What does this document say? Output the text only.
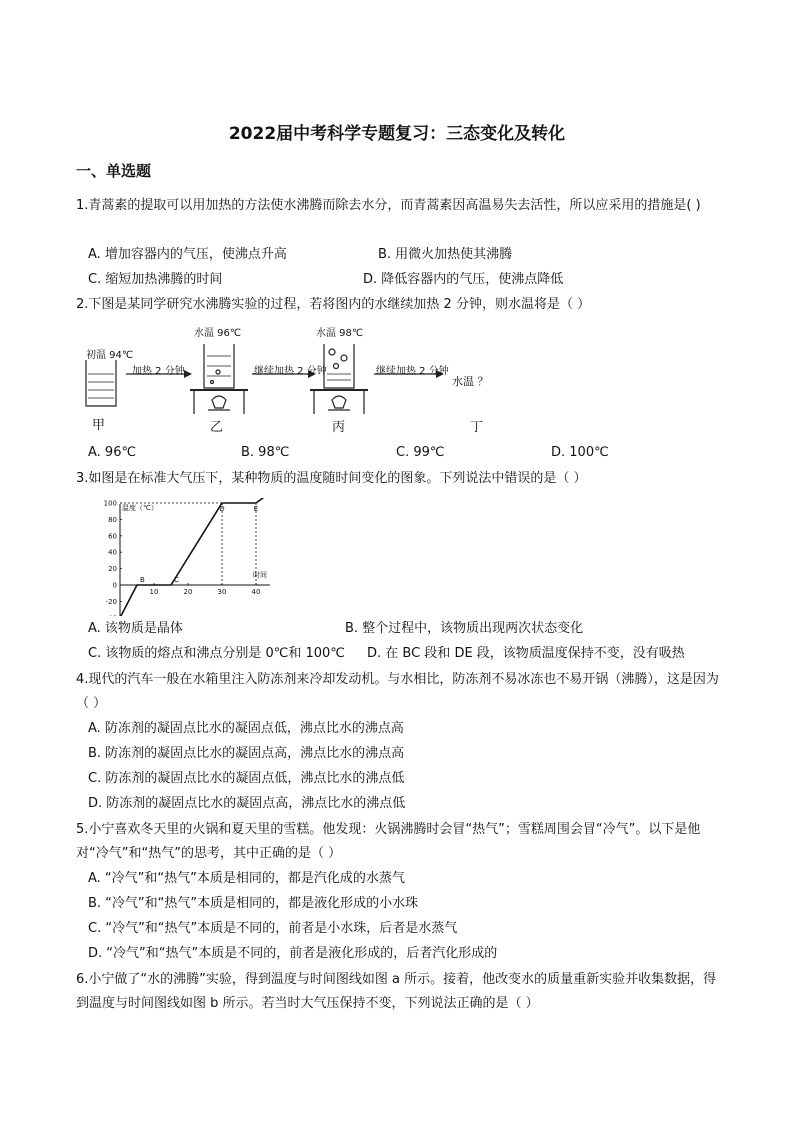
2022届中考科学专题复习：三态变化及转化
一、单选题
1.青蒿素的提取可以用加热的方法使水沸腾而除去水分，而青蒿素因高温易失去活性，所以应采用的措施是( )
A. 增加容器内的气压，使沸点升高	B. 用微火加热使其沸腾
C. 缩短加热沸腾的时间	D. 降低容器内的气压，使沸点降低
2.下图是某同学研究水沸腾实验的过程，若将图内的水继续加热 2 分钟，则水温将是（ ）
初温 94℃
加热 2 分钟
水温 96℃
继续加热 2 分钟
水温 98℃
继续加热 2 分钟
水温 ？
甲	乙	丙	丁
A. 96℃	B. 98℃	C. 99℃	D. 100℃
3.如图是在标准大气压下，某种物质的温度随时间变化的图象。下列说法中错误的是（ ）
温度（℃）
时间
100
80
60
40
20
0
-20
10	20	30	40
B	C
D	E
A. 该物质是晶体	B. 整个过程中，该物质出现两次状态变化
C. 该物质的熔点和沸点分别是 0℃和 100℃ D. 在 BC 段和 DE 段，该物质温度保持不变，没有吸热
4.现代的汽车一般在水箱里注入防冻剂来冷却发动机。与水相比，防冻剂不易冰冻也不易开锅（沸腾），这是因为（ ）
A. 防冻剂的凝固点比水的凝固点低，沸点比水的沸点高
B. 防冻剂的凝固点比水的凝固点高，沸点比水的沸点高
C. 防冻剂的凝固点比水的凝固点低，沸点比水的沸点低
D. 防冻剂的凝固点比水的凝固点高，沸点比水的沸点低
5.小宁喜欢冬天里的火锅和夏天里的雪糕。他发现：火锅沸腾时会冒“热气”；雪糕周围会冒“冷气”。以下是他对“冷气”和“热气”的思考，其中正确的是（ ）
A. “冷气”和“热气”本质是相同的，都是汽化成的水蒸气
B. “冷气”和“热气”本质是相同的，都是液化形成的小水珠
C. “冷气”和“热气”本质是不同的，前者是小水珠，后者是水蒸气
D. “冷气”和“热气”本质是不同的，前者是液化形成的，后者汽化形成的
6.小宁做了“水的沸腾”实验，得到温度与时间图线如图 a 所示。接着，他改变水的质量重新实验并收集数据，得到温度与时间图线如图 b 所示。若当时大气压保持不变，下列说法正确的是（ ）
